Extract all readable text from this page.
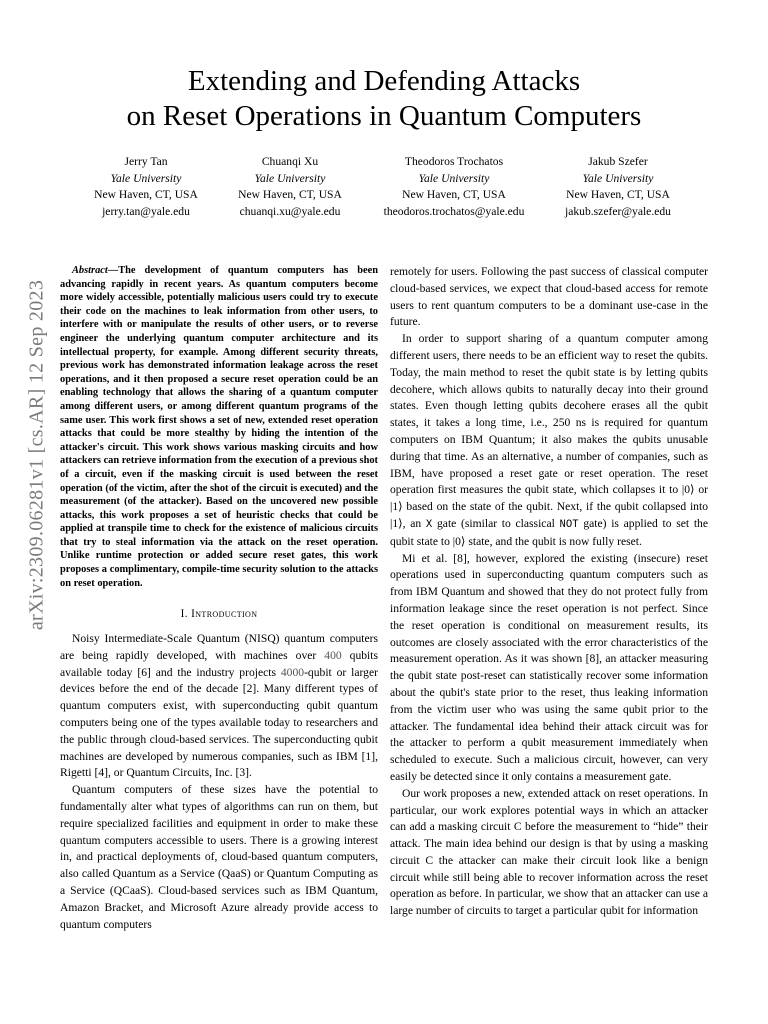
arXiv:2309.06281v1 [cs.AR] 12 Sep 2023
Extending and Defending Attacks
on Reset Operations in Quantum Computers
Jerry Tan
Yale University
New Haven, CT, USA
jerry.tan@yale.edu
Chuanqi Xu
Yale University
New Haven, CT, USA
chuanqi.xu@yale.edu
Theodoros Trochatos
Yale University
New Haven, CT, USA
theodoros.trochatos@yale.edu
Jakub Szefer
Yale University
New Haven, CT, USA
jakub.szefer@yale.edu

Abstract—The development of quantum computers has been advancing rapidly in recent years. As quantum computers become more widely accessible, potentially malicious users could try to execute their code on the machines to leak information from other users, to interfere with or manipulate the results of other users, or to reverse engineer the underlying quantum computer architecture and its intellectual property, for example. Among different security threats, previous work has demonstrated information leakage across the reset operations, and it then proposed a secure reset operation could be an enabling technology that allows the sharing of a quantum computer among different users, or among different quantum programs of the same user. This work first shows a set of new, extended reset operation attacks that could be more stealthy by hiding the intention of the attacker's circuit. This work shows various masking circuits and how attackers can retrieve information from the execution of a previous shot of a circuit, even if the masking circuit is used between the reset operation (of the victim, after the shot of the circuit is executed) and the measurement (of the attacker). Based on the uncovered new possible attacks, this work proposes a set of heuristic checks that could be applied at transpile time to check for the existence of malicious circuits that try to steal information via the attack on the reset operation. Unlike runtime protection or added secure reset gates, this work proposes a complimentary, compile-time security solution to the attacks on reset operation.

I. Introduction

Noisy Intermediate-Scale Quantum (NISQ) quantum computers are being rapidly developed, with machines over 400 qubits available today [6] and the industry projects 4000-qubit or larger devices before the end of the decade [2]. Many different types of quantum computers exist, with superconducting qubit quantum computers being one of the types available today to researchers and the public through cloud-based services. The superconducting qubit machines are developed by numerous companies, such as IBM [1], Rigetti [4], or Quantum Circuits, Inc. [3].

Quantum computers of these sizes have the potential to fundamentally alter what types of algorithms can run on them, but require specialized facilities and equipment in order to make these quantum computers accessible to users. There is a growing interest in, and practical deployments of, cloud-based quantum computers, also called Quantum as a Service (QaaS) or Quantum Computing as a Service (QCaaS). Cloud-based services such as IBM Quantum, Amazon Bracket, and Microsoft Azure already provide access to quantum computers

remotely for users. Following the past success of classical computer cloud-based services, we expect that cloud-based access for remote users to rent quantum computers to be a dominant use-case in the future.

In order to support sharing of a quantum computer among different users, there needs to be an efficient way to reset the qubits. Today, the main method to reset the qubit state is by letting qubits decohere, which allows qubits to naturally decay into their ground states. Even though letting qubits decohere erases all the qubit states, it takes a long time, i.e., 250 ns is required for quantum computers on IBM Quantum; it also makes the qubits unusable during that time. As an alternative, a number of companies, such as IBM, have proposed a reset gate or reset operation. The reset operation first measures the qubit state, which collapses it to |0⟩ or |1⟩ based on the state of the qubit. Next, if the qubit collapsed into |1⟩, an X gate (similar to classical NOT gate) is applied to set the qubit state to |0⟩ state, and the qubit is now fully reset.

Mi et al. [8], however, explored the existing (insecure) reset operations used in superconducting quantum computers such as from IBM Quantum and showed that they do not protect fully from information leakage since the reset operation is not perfect. Since the reset operation is conditional on measurement results, its outcomes are closely associated with the error characteristics of the measurement operation. As it was shown [8], an attacker measuring the qubit state post-reset can statistically recover some information about the qubit's state prior to the reset, thus leaking information from the victim user who was using the same qubit prior to the attacker. The fundamental idea behind their attack circuit was for the attacker to perform a qubit measurement immediately when scheduled to execute. Such a malicious circuit, however, can very easily be detected since it only contains a measurement gate.

Our work proposes a new, extended attack on reset operations. In particular, our work explores potential ways in which an attacker can add a masking circuit C before the measurement to “hide” their attack. The main idea behind our design is that by using a masking circuit C the attacker can make their circuit look like a benign circuit while still being able to recover information across the reset operation as before. In particular, we show that an attacker can use a large number of circuits to target a particular qubit for information
